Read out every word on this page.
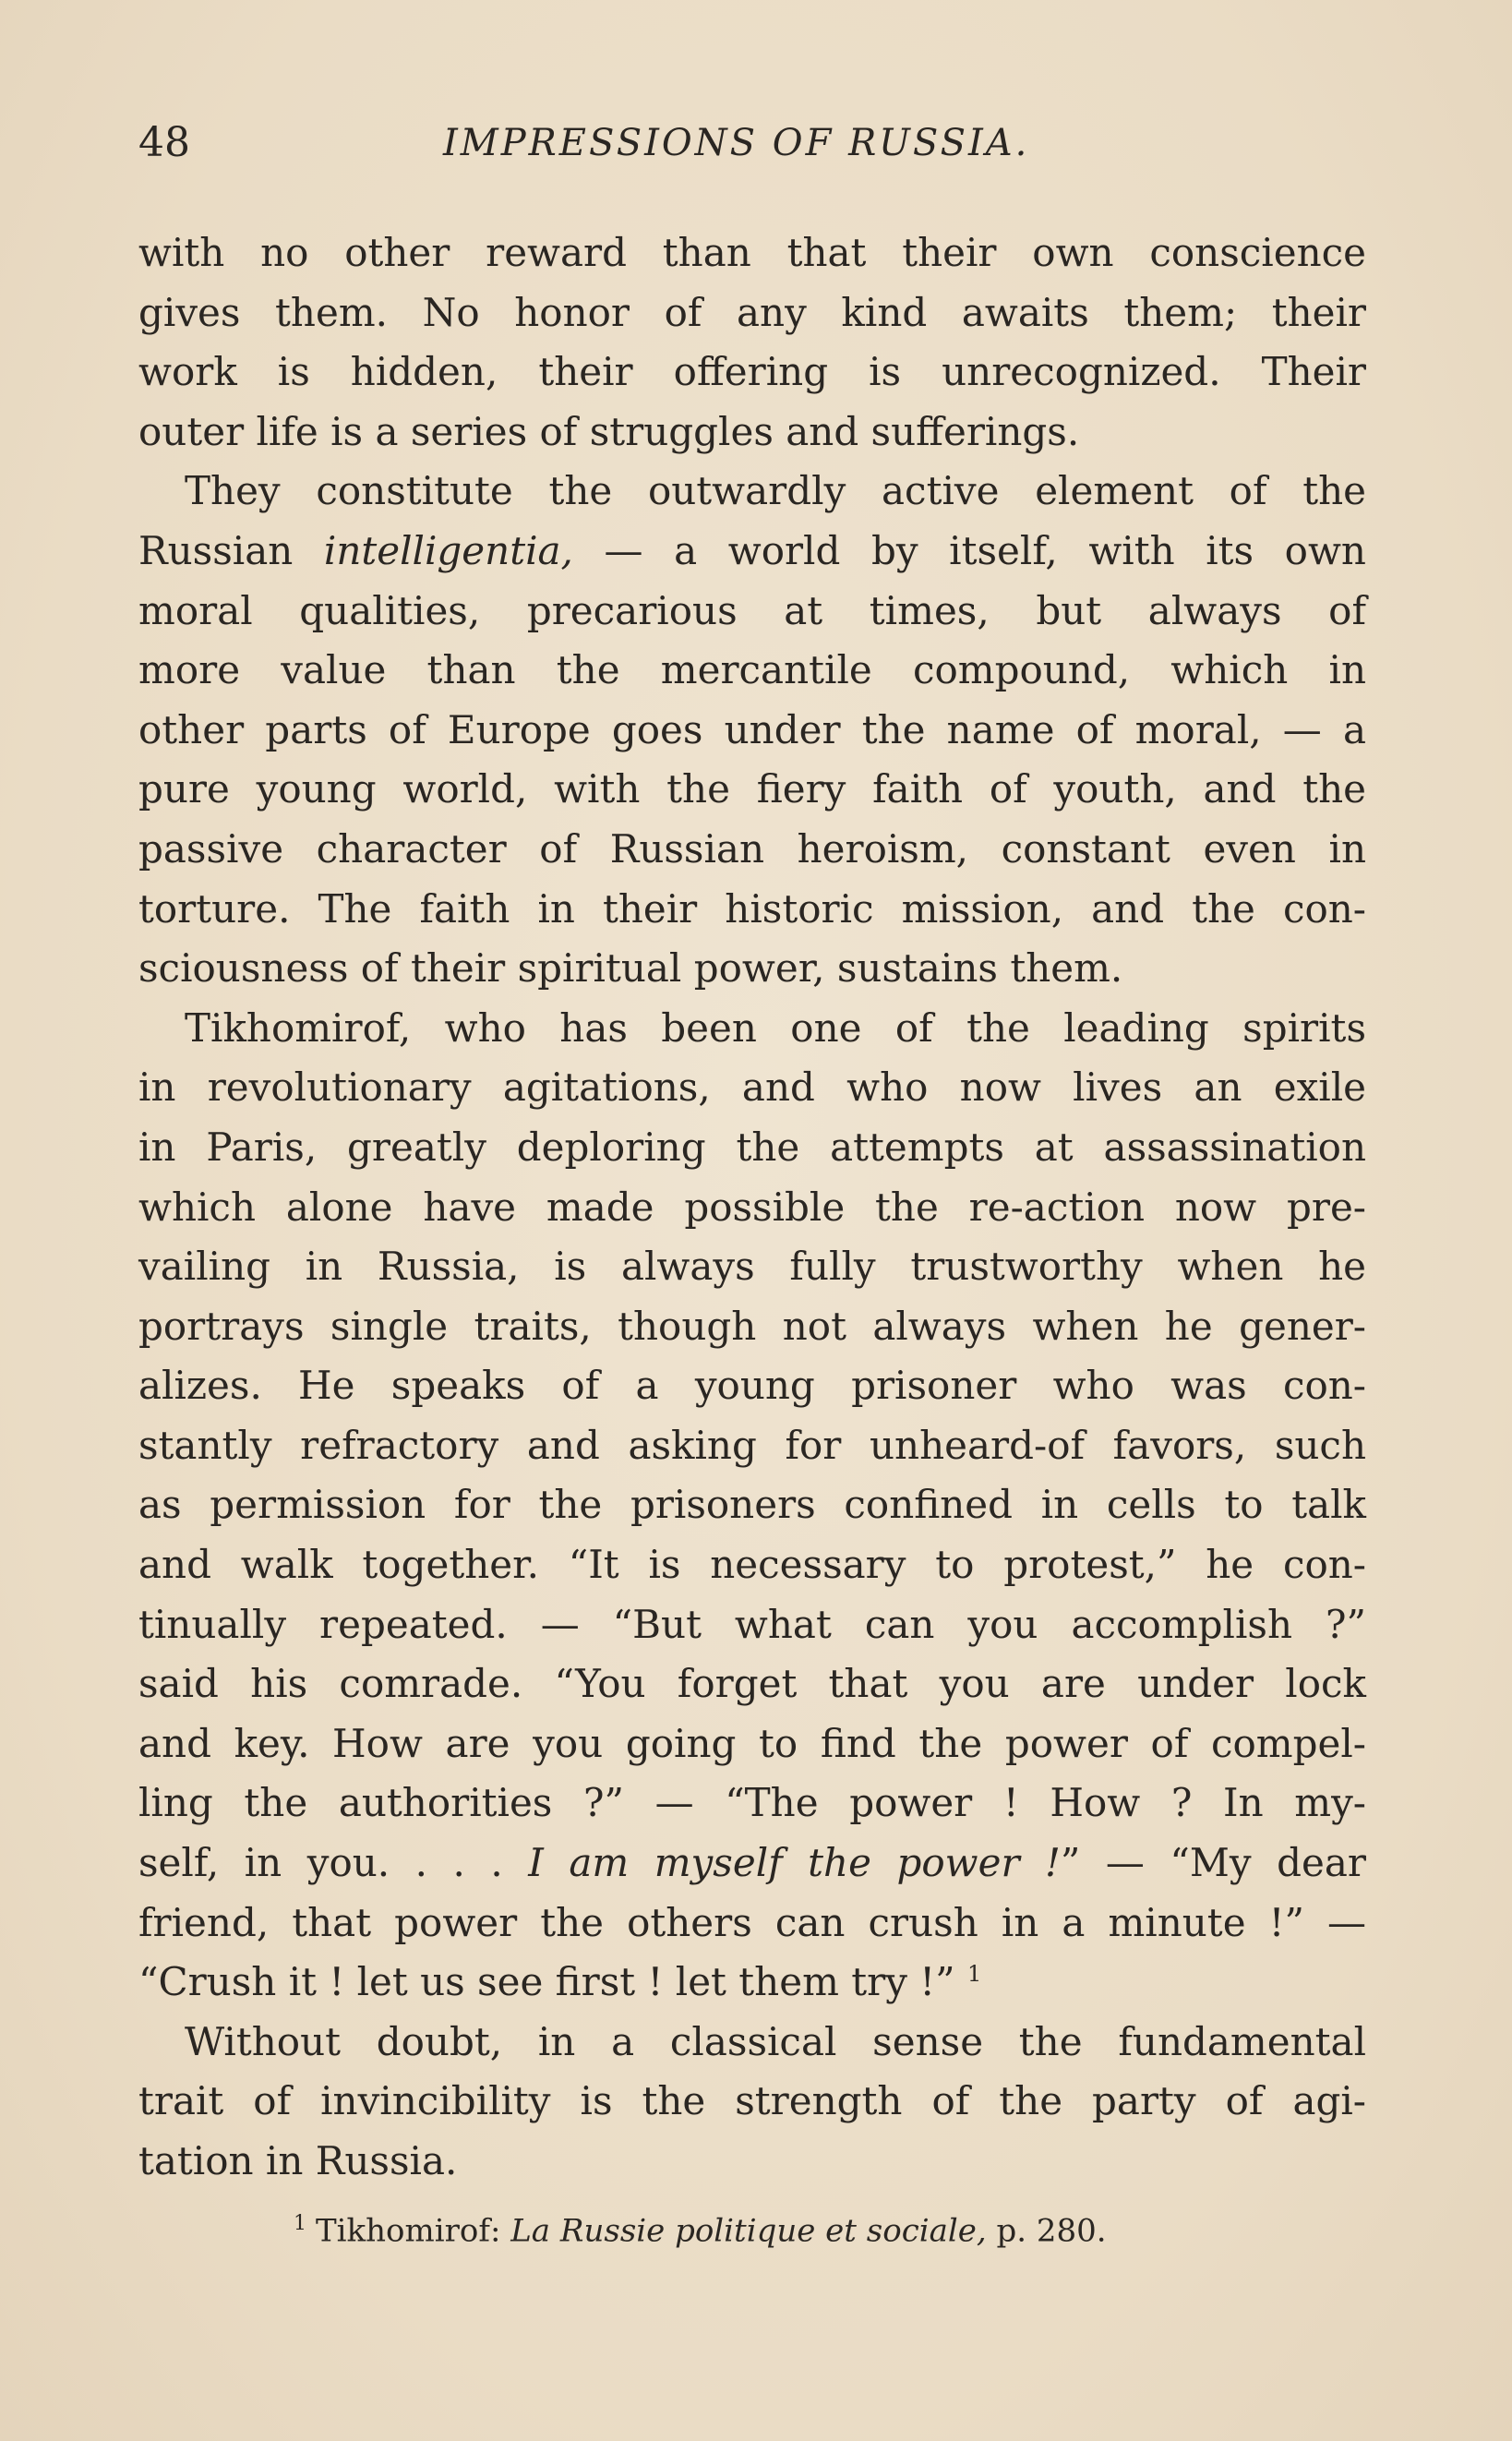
48	IMPRESSIONS OF RUSSIA.
with no other reward than that their own conscience
gives them. No honor of any kind awaits them; their
work is hidden, their offering is unrecognized. Their
outer life is a series of struggles and sufferings.
They constitute the outwardly active element of the
Russian intelligentia, — a world by itself, with its own
moral qualities, precarious at times, but always of
more value than the mercantile compound, which in
other parts of Europe goes under the name of moral, — a
pure young world, with the fiery faith of youth, and the
passive character of Russian heroism, constant even in
torture. The faith in their historic mission, and the con-
sciousness of their spiritual power, sustains them.
Tikhomirof, who has been one of the leading spirits
in revolutionary agitations, and who now lives an exile
in Paris, greatly deploring the attempts at assassination
which alone have made possible the re-action now pre-
vailing in Russia, is always fully trustworthy when he
portrays single traits, though not always when he gener-
alizes. He speaks of a young prisoner who was con-
stantly refractory and asking for unheard-of favors, such
as permission for the prisoners confined in cells to talk
and walk together. “It is necessary to protest,” he con-
tinually repeated. — “But what can you accomplish ?”
said his comrade. “You forget that you are under lock
and key. How are you going to find the power of compel-
ling the authorities ?” — “The power ! How ? In my-
self, in you. . . . I am myself the power !” — “My dear
friend, that power the others can crush in a minute !” —
“Crush it ! let us see first ! let them try !” $^1$
Without doubt, in a classical sense the fundamental
trait of invincibility is the strength of the party of agi-
tation in Russia.
$^1$ Tikhomirof: La Russie politique et sociale, p. 280.
